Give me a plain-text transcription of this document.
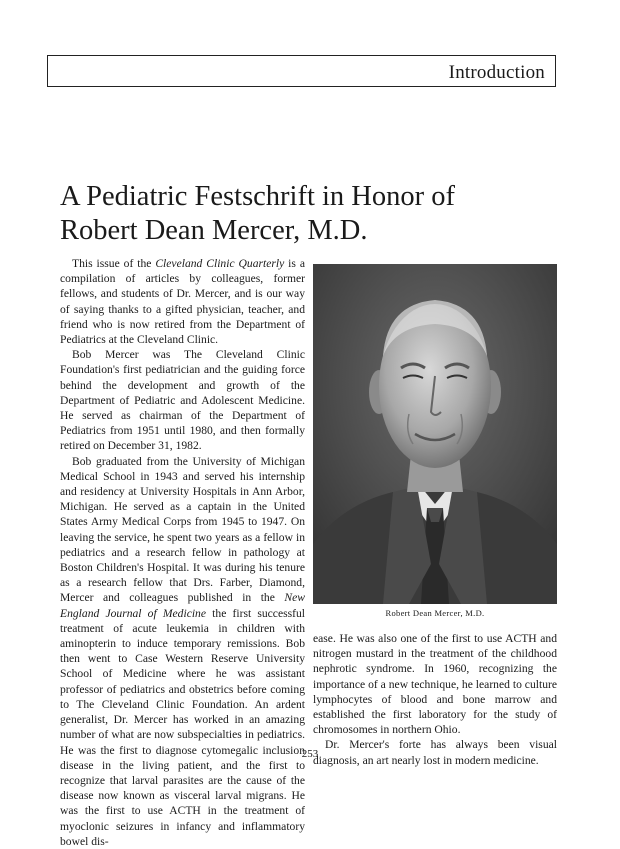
Introduction
A Pediatric Festschrift in Honor of
Robert Dean Mercer, M.D.

This issue of the Cleveland Clinic Quarterly is a compilation of articles by colleagues, former fellows, and students of Dr. Mercer, and is our way of saying thanks to a gifted physician, teacher, and friend who is now retired from the Department of Pediatrics at the Cleveland Clinic.

Bob Mercer was The Cleveland Clinic Foundation's first pediatrician and the guiding force behind the development and growth of the Department of Pediatric and Adolescent Medicine. He served as chairman of the Department of Pediatrics from 1951 until 1980, and then formally retired on December 31, 1982.

Bob graduated from the University of Michigan Medical School in 1943 and served his internship and residency at University Hospitals in Ann Arbor, Michigan. He served as a captain in the United States Army Medical Corps from 1945 to 1947. On leaving the service, he spent two years as a fellow in pediatrics and a research fellow in pathology at Boston Children's Hospital. It was during his tenure as a research fellow that Drs. Farber, Diamond, Mercer and colleagues published in the New England Journal of Medicine the first successful treatment of acute leukemia in children with aminopterin to induce temporary remissions. Bob then went to Case Western Reserve University School of Medicine where he was assistant professor of pediatrics and obstetrics before coming to The Cleveland Clinic Foundation. An ardent generalist, Dr. Mercer has worked in an amazing number of what are now subspecialties in pediatrics. He was the first to diagnose cytomegalic inclusion disease in the living patient, and the first to recognize that larval parasites are the cause of the disease now known as visceral larval migrans. He was the first to use ACTH in the treatment of myoclonic seizures in infancy and inflammatory bowel dis-

Robert Dean Mercer, M.D.

ease. He was also one of the first to use ACTH and nitrogen mustard in the treatment of the childhood nephrotic syndrome. In 1960, recognizing the importance of a new technique, he learned to culture lymphocytes of blood and bone marrow and established the first laboratory for the study of chromosomes in northern Ohio.

Dr. Mercer's forte has always been visual diagnosis, an art nearly lost in modern medicine.

253
